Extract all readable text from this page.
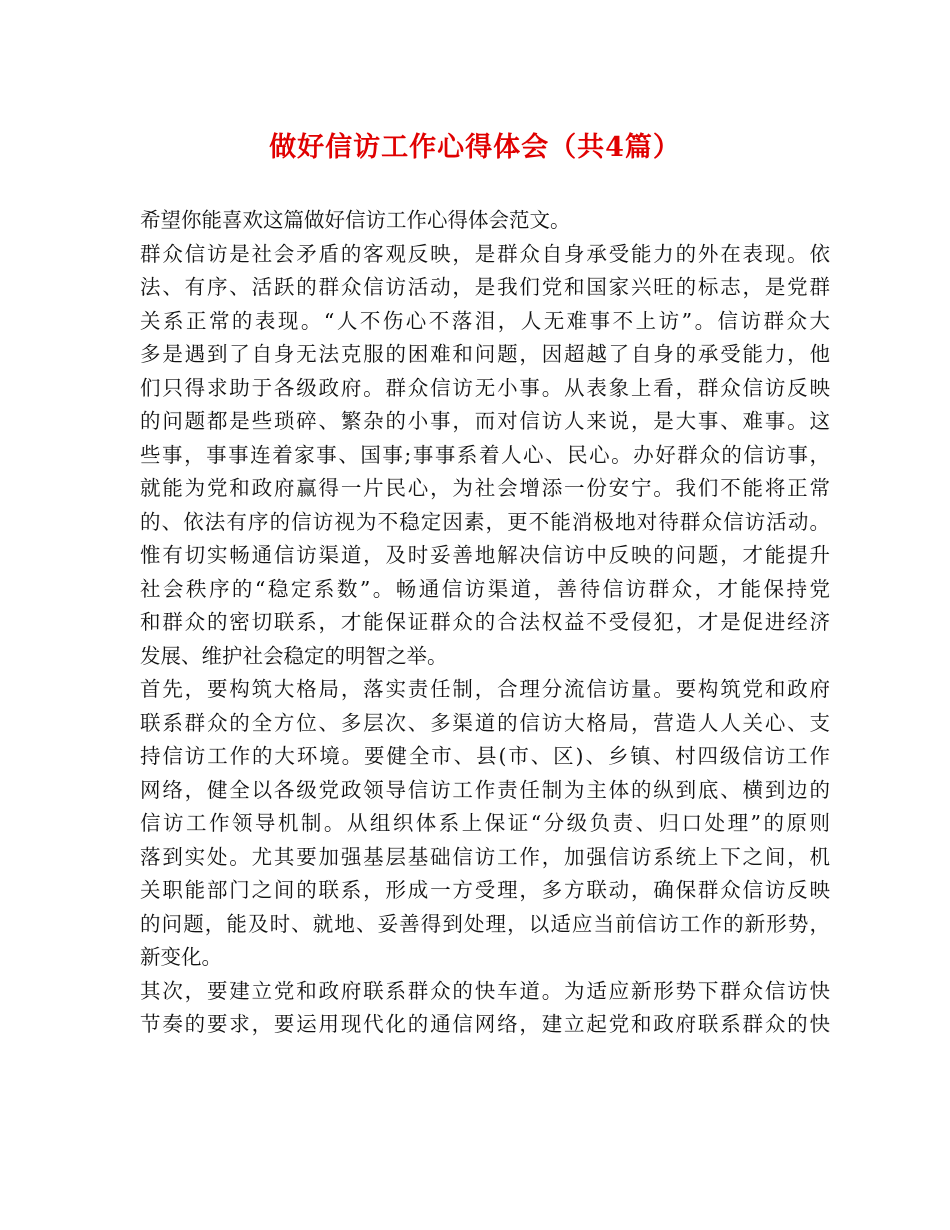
做好信访工作心得体会（共4篇）
希望你能喜欢这篇做好信访工作心得体会范文。
群众信访是社会矛盾的客观反映，是群众自身承受能力的外在表现。依
法、有序、活跃的群众信访活动，是我们党和国家兴旺的标志，是党群
关系正常的表现。“人不伤心不落泪，人无难事不上访”。信访群众大
多是遇到了自身无法克服的困难和问题，因超越了自身的承受能力，他
们只得求助于各级政府。群众信访无小事。从表象上看，群众信访反映
的问题都是些琐碎、繁杂的小事，而对信访人来说，是大事、难事。这
些事，事事连着家事、国事;事事系着人心、民心。办好群众的信访事，
就能为党和政府赢得一片民心，为社会增添一份安宁。我们不能将正常
的、依法有序的信访视为不稳定因素，更不能消极地对待群众信访活动。
惟有切实畅通信访渠道，及时妥善地解决信访中反映的问题，才能提升
社会秩序的“稳定系数”。畅通信访渠道，善待信访群众，才能保持党
和群众的密切联系，才能保证群众的合法权益不受侵犯，才是促进经济
发展、维护社会稳定的明智之举。
首先，要构筑大格局，落实责任制，合理分流信访量。要构筑党和政府
联系群众的全方位、多层次、多渠道的信访大格局，营造人人关心、支
持信访工作的大环境。要健全市、县(市、区)、乡镇、村四级信访工作
网络，健全以各级党政领导信访工作责任制为主体的纵到底、横到边的
信访工作领导机制。从组织体系上保证“分级负责、归口处理”的原则
落到实处。尤其要加强基层基础信访工作，加强信访系统上下之间，机
关职能部门之间的联系，形成一方受理，多方联动，确保群众信访反映
的问题，能及时、就地、妥善得到处理，以适应当前信访工作的新形势，
新变化。
其次，要建立党和政府联系群众的快车道。为适应新形势下群众信访快
节奏的要求，要运用现代化的通信网络，建立起党和政府联系群众的快
